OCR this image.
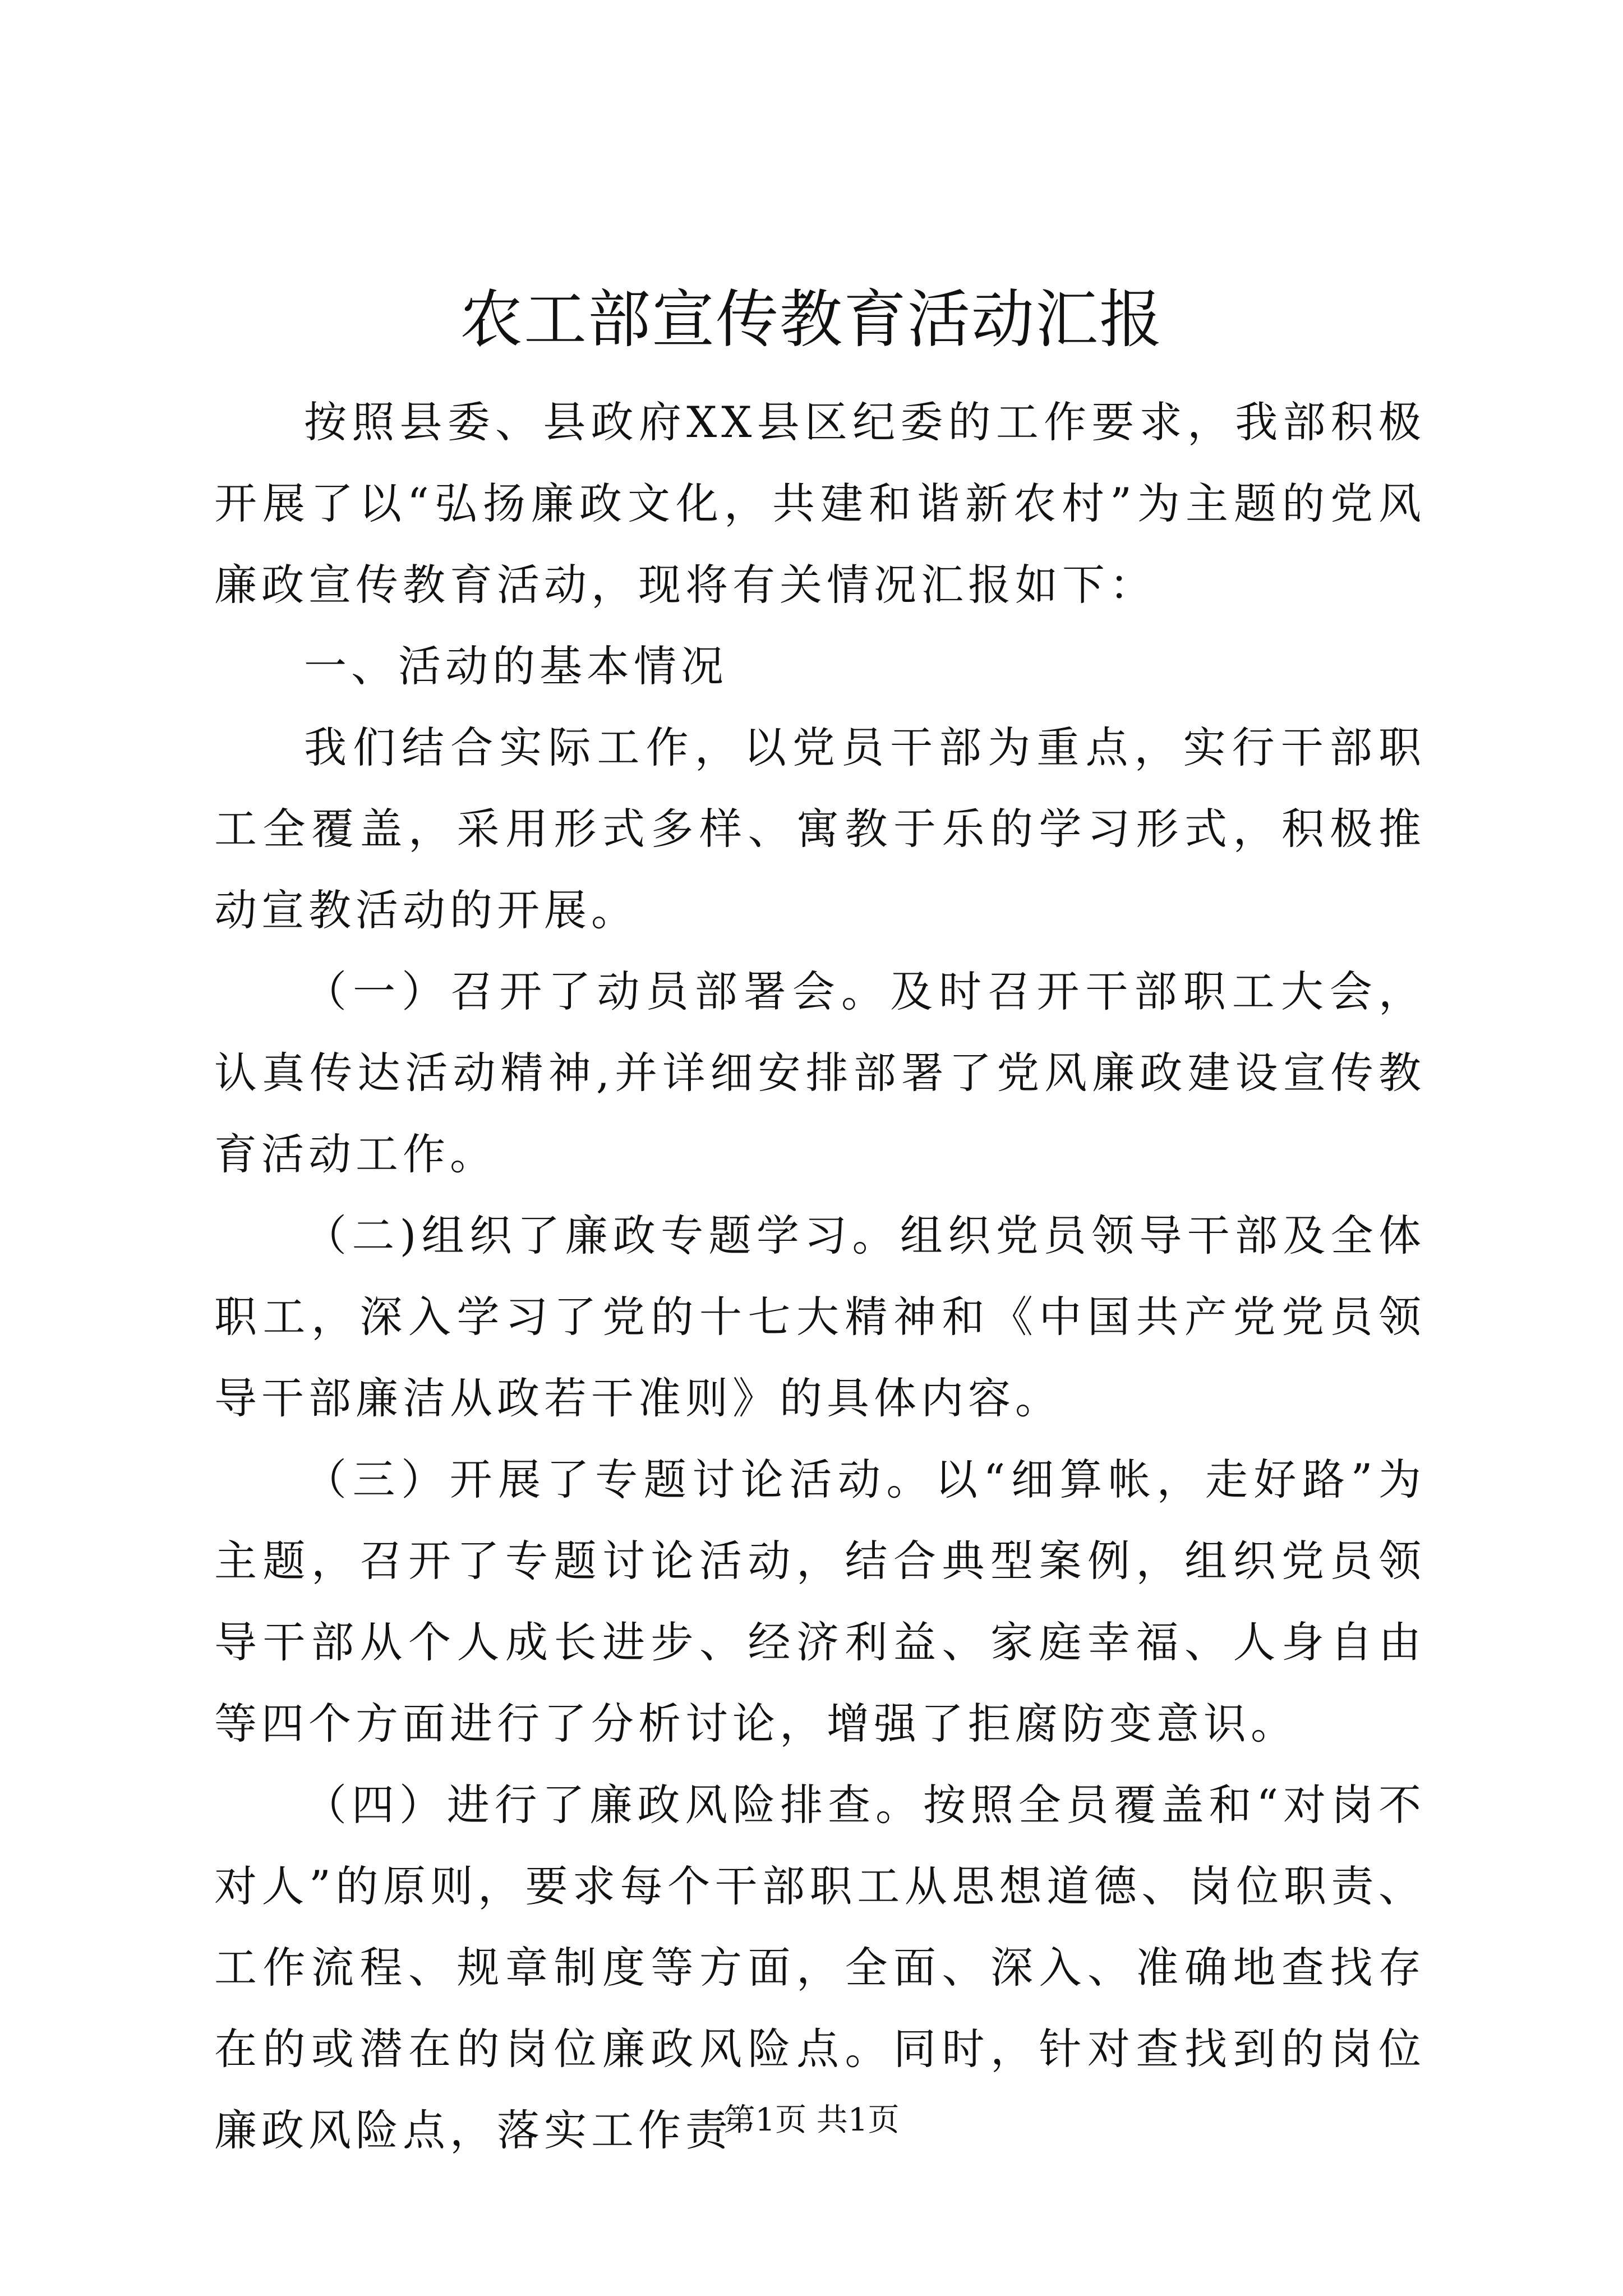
农工部宣传教育活动汇报

按照县委、县政府XX县区纪委的工作要求，我部积极开展了以“弘扬廉政文化，共建和谐新农村”为主题的党风廉政宣传教育活动，现将有关情况汇报如下：

一、活动的基本情况

我们结合实际工作，以党员干部为重点，实行干部职工全覆盖，采用形式多样、寓教于乐的学习形式，积极推动宣教活动的开展。

（一）召开了动员部署会。及时召开干部职工大会，认真传达活动精神,并详细安排部署了党风廉政建设宣传教育活动工作。

（二)组织了廉政专题学习。组织党员领导干部及全体职工，深入学习了党的十七大精神和《中国共产党党员领导干部廉洁从政若干准则》的具体内容。

（三）开展了专题讨论活动。以“细算帐，走好路”为主题，召开了专题讨论活动，结合典型案例，组织党员领导干部从个人成长进步、经济利益、家庭幸福、人身自由等四个方面进行了分析讨论，增强了拒腐防变意识。

（四）进行了廉政风险排查。按照全员覆盖和“对岗不对人”的原则，要求每个干部职工从思想道德、岗位职责、工作流程、规章制度等方面，全面、深入、准确地查找存在的或潜在的岗位廉政风险点。同时，针对查找到的岗位廉政风险点，落实工作责

第1页 共1页
